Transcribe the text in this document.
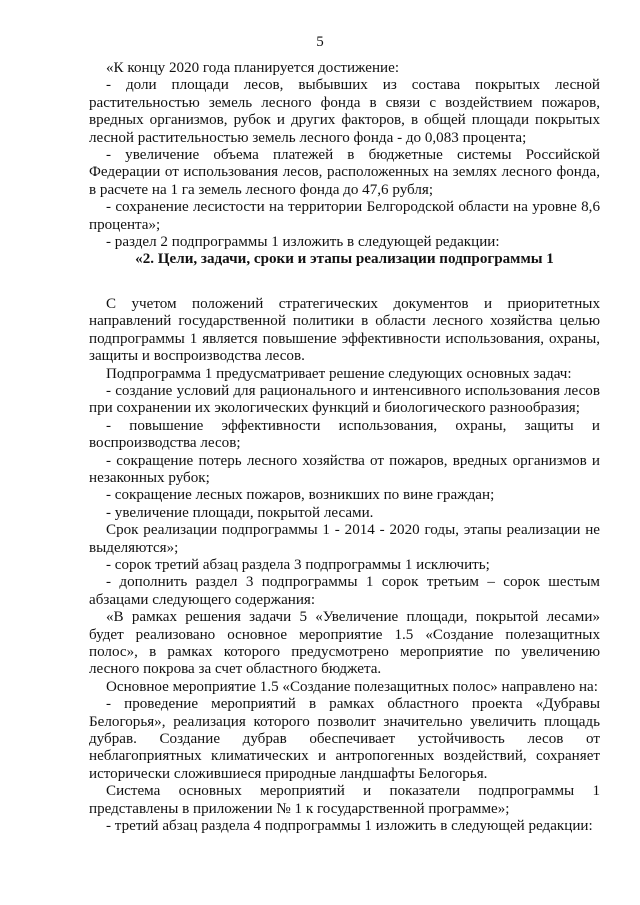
5

«К концу 2020 года планируется достижение:

- доли площади лесов, выбывших из состава покрытых лесной растительностью земель лесного фонда в связи с воздействием пожаров, вредных организмов, рубок и других факторов, в общей площади покрытых лесной растительностью земель лесного фонда - до 0,083 процента;

- увеличение объема платежей в бюджетные системы Российской Федерации от использования лесов, расположенных на землях лесного фонда, в расчете на 1 га земель лесного фонда до 47,6 рубля;

- сохранение лесистости на территории Белгородской области на уровне 8,6 процента»;

- раздел 2 подпрограммы 1 изложить в следующей редакции:

«2. Цели, задачи, сроки и этапы реализации подпрограммы 1

С учетом положений стратегических документов и приоритетных направлений государственной политики в области лесного хозяйства целью подпрограммы 1 является повышение эффективности использования, охраны, защиты и воспроизводства лесов.

Подпрограмма 1 предусматривает решение следующих основных задач:

- создание условий для рационального и интенсивного использования лесов при сохранении их экологических функций и биологического разнообразия;

- повышение эффективности использования, охраны, защиты и воспроизводства лесов;

- сокращение потерь лесного хозяйства от пожаров, вредных организмов и незаконных рубок;

- сокращение лесных пожаров, возникших по вине граждан;

- увеличение площади, покрытой лесами.

Срок реализации подпрограммы 1 - 2014 - 2020 годы, этапы реализации не выделяются»;

- сорок третий абзац раздела 3 подпрограммы 1 исключить;

- дополнить раздел 3 подпрограммы 1 сорок третьим – сорок шестым абзацами следующего содержания:

«В рамках решения задачи 5 «Увеличение площади, покрытой лесами» будет реализовано основное мероприятие 1.5 «Создание полезащитных полос», в рамках которого предусмотрено мероприятие по увеличению лесного покрова за счет областного бюджета.

Основное мероприятие 1.5 «Создание полезащитных полос» направлено на:

- проведение мероприятий в рамках областного проекта «Дубравы Белогорья», реализация которого позволит значительно увеличить площадь дубрав. Создание дубрав обеспечивает устойчивость лесов от неблагоприятных климатических и антропогенных воздействий, сохраняет исторически сложившиеся природные ландшафты Белогорья.

Система основных мероприятий и показатели подпрограммы 1 представлены в приложении № 1 к государственной программе»;

- третий абзац раздела 4 подпрограммы 1 изложить в следующей редакции:
